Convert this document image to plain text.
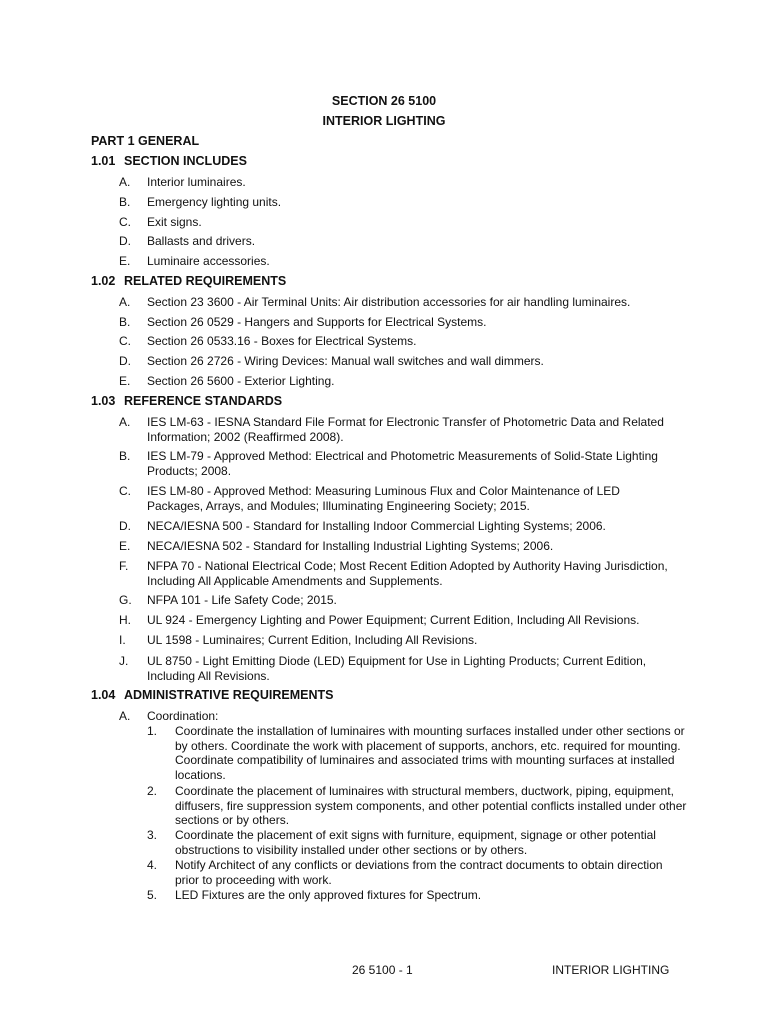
SECTION 26 5100
INTERIOR LIGHTING
PART 1 GENERAL
1.01 SECTION INCLUDES
A. Interior luminaires.
B. Emergency lighting units.
C. Exit signs.
D. Ballasts and drivers.
E. Luminaire accessories.
1.02 RELATED REQUIREMENTS
A. Section 23 3600 - Air Terminal Units: Air distribution accessories for air handling luminaires.
B. Section 26 0529 - Hangers and Supports for Electrical Systems.
C. Section 26 0533.16 - Boxes for Electrical Systems.
D. Section 26 2726 - Wiring Devices: Manual wall switches and wall dimmers.
E. Section 26 5600 - Exterior Lighting.
1.03 REFERENCE STANDARDS
A. IES LM-63 - IESNA Standard File Format for Electronic Transfer of Photometric Data and Related Information; 2002 (Reaffirmed 2008).
B. IES LM-79 - Approved Method: Electrical and Photometric Measurements of Solid-State Lighting Products; 2008.
C. IES LM-80 - Approved Method: Measuring Luminous Flux and Color Maintenance of LED Packages, Arrays, and Modules; Illuminating Engineering Society; 2015.
D. NECA/IESNA 500 - Standard for Installing Indoor Commercial Lighting Systems; 2006.
E. NECA/IESNA 502 - Standard for Installing Industrial Lighting Systems; 2006.
F. NFPA 70 - National Electrical Code; Most Recent Edition Adopted by Authority Having Jurisdiction, Including All Applicable Amendments and Supplements.
G. NFPA 101 - Life Safety Code; 2015.
H. UL 924 - Emergency Lighting and Power Equipment; Current Edition, Including All Revisions.
I. UL 1598 - Luminaires; Current Edition, Including All Revisions.
J. UL 8750 - Light Emitting Diode (LED) Equipment for Use in Lighting Products; Current Edition, Including All Revisions.
1.04 ADMINISTRATIVE REQUIREMENTS
A. Coordination:
1. Coordinate the installation of luminaires with mounting surfaces installed under other sections or by others. Coordinate the work with placement of supports, anchors, etc. required for mounting. Coordinate compatibility of luminaires and associated trims with mounting surfaces at installed locations.
2. Coordinate the placement of luminaires with structural members, ductwork, piping, equipment, diffusers, fire suppression system components, and other potential conflicts installed under other sections or by others.
3. Coordinate the placement of exit signs with furniture, equipment, signage or other potential obstructions to visibility installed under other sections or by others.
4. Notify Architect of any conflicts or deviations from the contract documents to obtain direction prior to proceeding with work.
5. LED Fixtures are the only approved fixtures for Spectrum.
26 5100 - 1	INTERIOR LIGHTING
